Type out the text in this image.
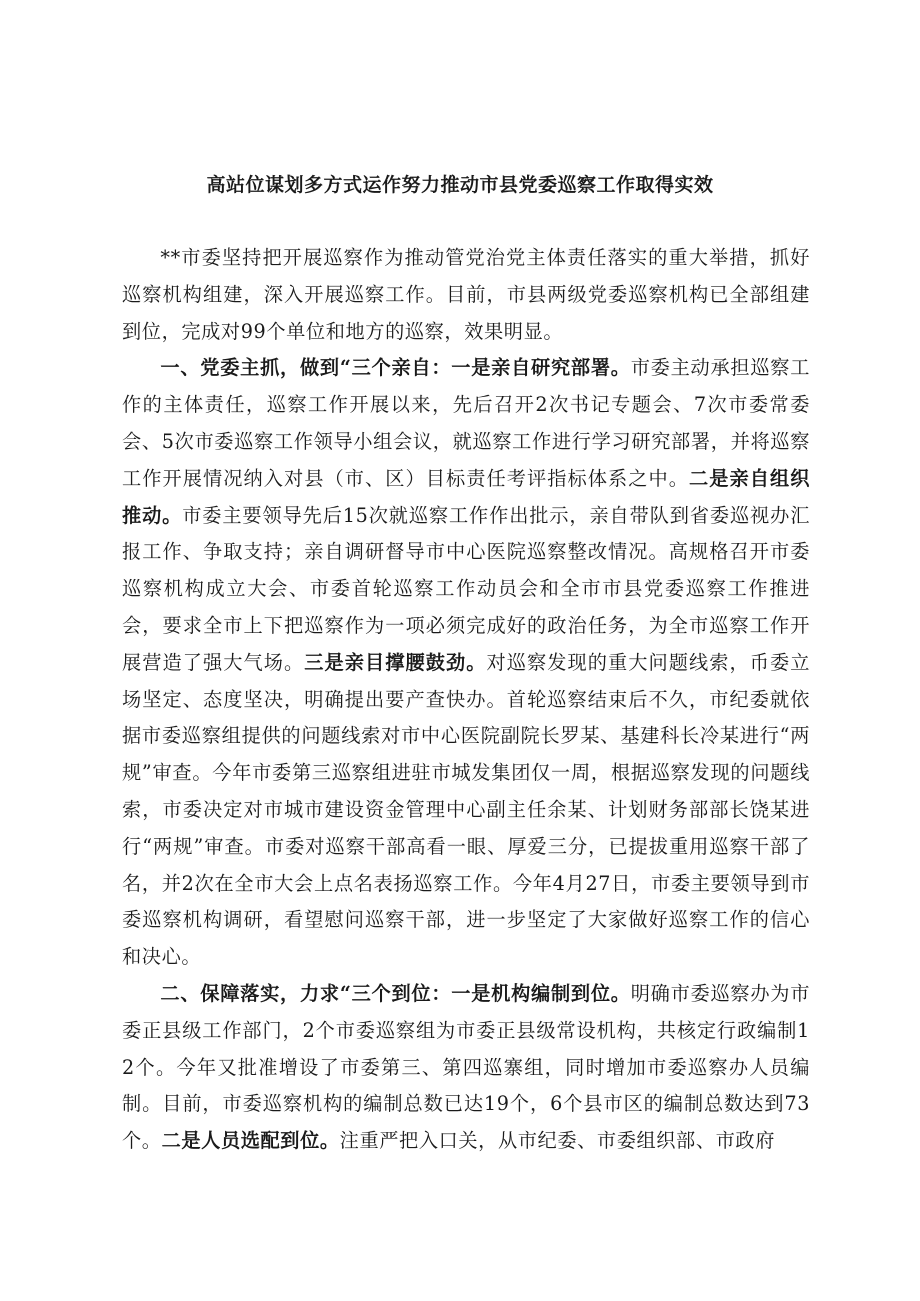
高站位谋划多方式运作努力推动市县党委巡察工作取得实效

**市委坚持把开展巡察作为推动管党治党主体责任落实的重大举措，抓好巡察机构组建，深入开展巡察工作。目前，市县两级党委巡察机构已全部组建到位，完成对99个单位和地方的巡察，效果明显。

一、党委主抓，做到“三个亲自：一是亲自研究部署。市委主动承担巡察工作的主体责任，巡察工作开展以来，先后召开2次书记专题会、7次市委常委会、5次市委巡察工作领导小组会议，就巡察工作进行学习研究部署，并将巡察工作开展情况纳入对县（市、区）目标责任考评指标体系之中。二是亲自组织推动。市委主要领导先后15次就巡察工作作出批示，亲自带队到省委巡视办汇报工作、争取支持；亲自调研督导市中心医院巡察整改情况。高规格召开市委巡察机构成立大会、市委首轮巡察工作动员会和全市市县党委巡察工作推进会，要求全市上下把巡察作为一项必须完成好的政治任务，为全市巡察工作开展营造了强大气场。三是亲目撑腰鼓劲。对巡察发现的重大问题线索，币委立场坚定、态度坚决，明确提出要产查快办。首轮巡察结束后不久，市纪委就依据市委巡察组提供的问题线索对市中心医院副院长罗某、基建科长冷某进行“两规”审查。今年市委第三巡察组进驻市城发集团仅一周，根据巡察发现的问题线索，市委决定对市城市建设资金管理中心副主任余某、计划财务部部长饶某进行“两规”审查。市委对巡察干部高看一眼、厚爱三分，已提拔重用巡察干部了名，并2次在全市大会上点名表扬巡察工作。今年4月27日，市委主要领导到市委巡察机构调研，看望慰问巡察干部，进一步坚定了大家做好巡察工作的信心和决心。

二、保障落实，力求“三个到位：一是机构编制到位。明确市委巡察办为市委正县级工作部门，2个市委巡察组为市委正县级常设机构，共核定行政编制12个。今年又批准增设了市委第三、第四巡寨组，同时增加市委巡察办人员编制。目前，市委巡察机构的编制总数已达19个，6个县市区的编制总数达到73个。二是人员选配到位。注重严把入口关，从市纪委、市委组织部、市政府
